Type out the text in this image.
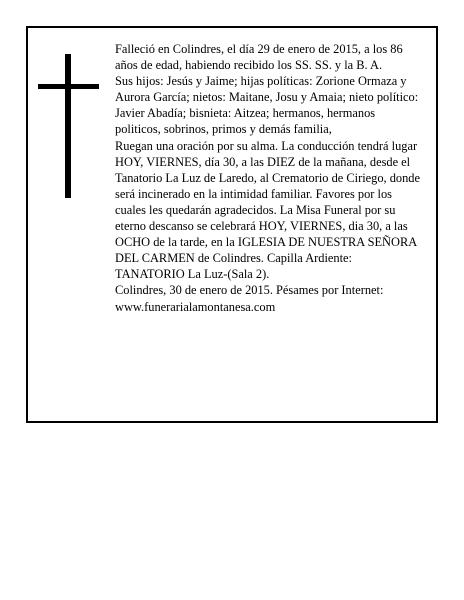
Falleció en Colindres, el día 29 de enero de 2015, a los 86 años de edad, habiendo recibido los SS. SS. y la B. A.

Sus hijos: Jesús y Jaime; hijas políticas: Zorione Ormaza y Aurora García; nietos: Maitane, Josu y Amaia; nieto político: Javier Abadía; bisnieta: Aitzea; hermanos, hermanos politicos, sobrinos, primos y demás familia,

Ruegan una oración por su alma. La conducción tendrá lugar HOY, VIERNES, día 30, a las DIEZ de la mañana, desde el Tanatorio La Luz de Laredo, al Crematorio de Ciriego, donde será incinerado en la intimidad familiar. Favores por los cuales les quedarán agradecidos. La Misa Funeral por su eterno descanso se celebrará HOY, VIERNES, dia 30, a las OCHO de la tarde, en la IGLESIA DE NUESTRA SEÑORA DEL CARMEN de Colindres. Capilla Ardiente: TANATORIO La Luz-(Sala 2).

Colindres, 30 de enero de 2015. Pésames por Internet: www.funerarialamontanesa.com
